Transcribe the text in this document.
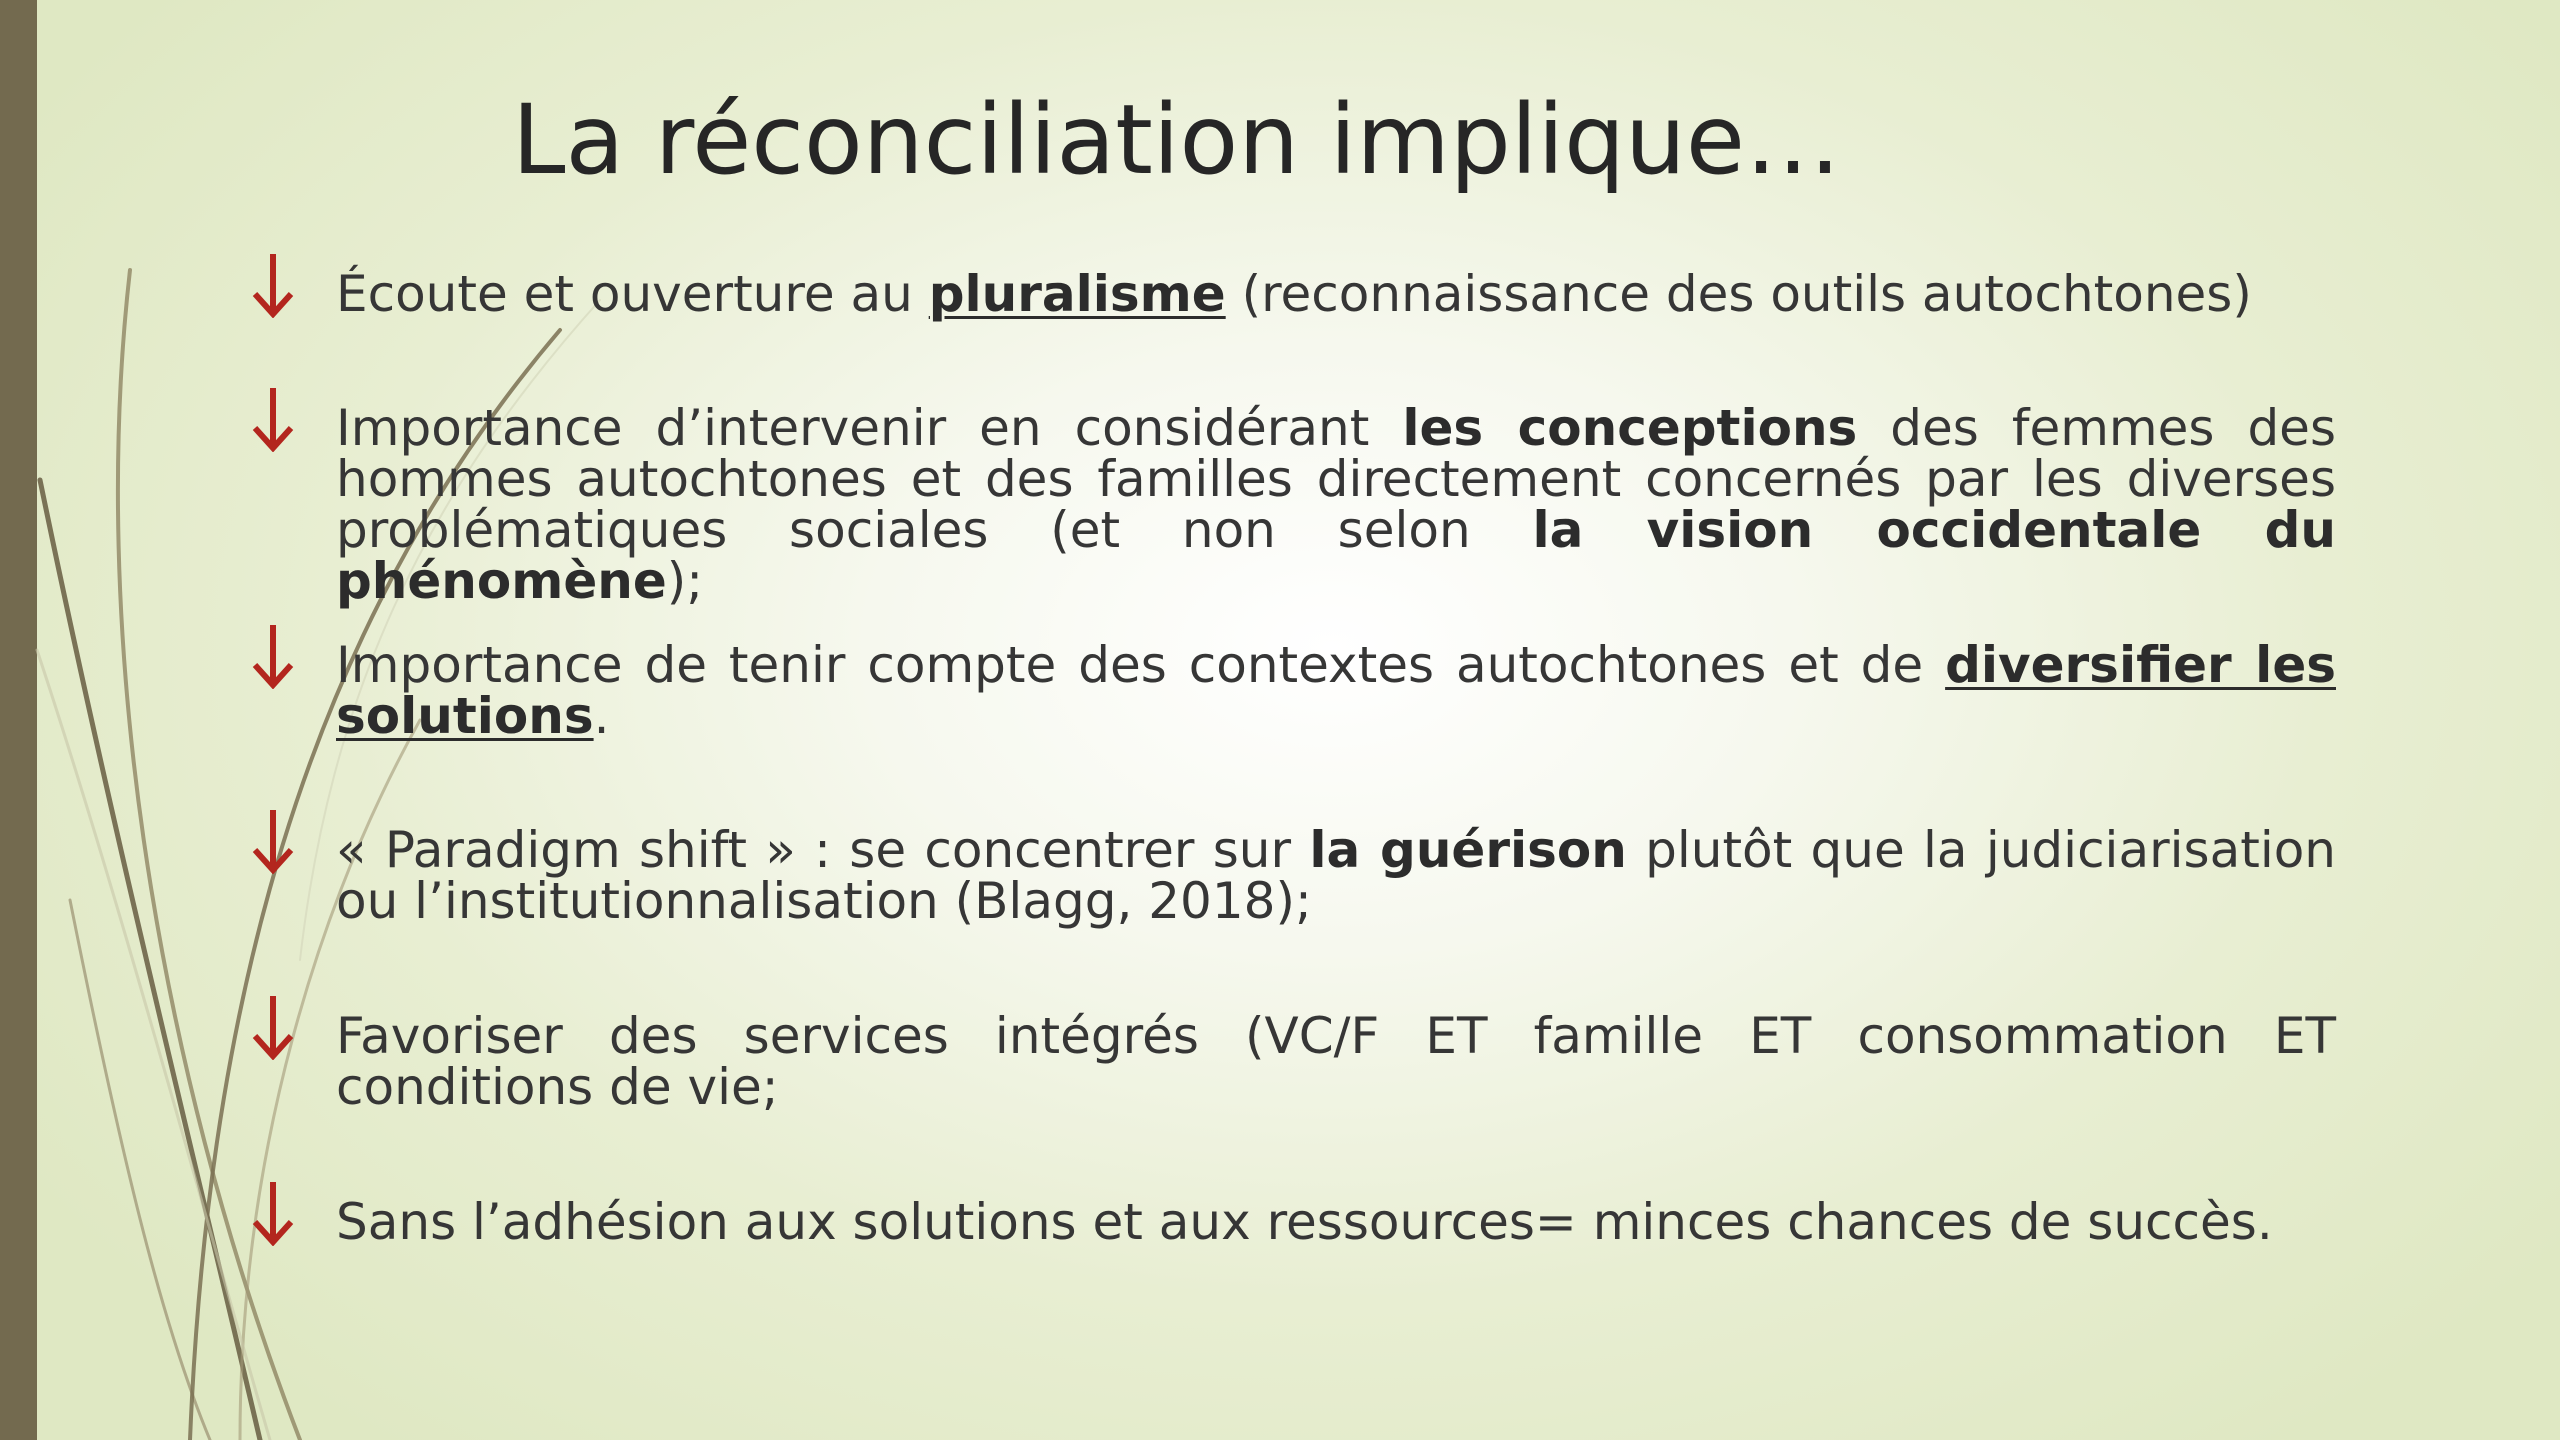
La réconciliation implique…
Écoute et ouverture au pluralisme (reconnaissance des outils autochtones)
Importance d’intervenir en considérant les conceptions des femmes des hommes autochtones et des familles directement concernés par les diverses problématiques sociales (et non selon la vision occidentale du phénomène);
Importance de tenir compte des contextes autochtones et de diversifier les solutions.
« Paradigm shift » : se concentrer sur la guérison plutôt que la judiciarisation ou l’institutionnalisation (Blagg, 2018);
Favoriser des services intégrés (VC/F ET famille ET consommation ET conditions de vie;
Sans l’adhésion aux solutions et aux ressources= minces chances de succès.
